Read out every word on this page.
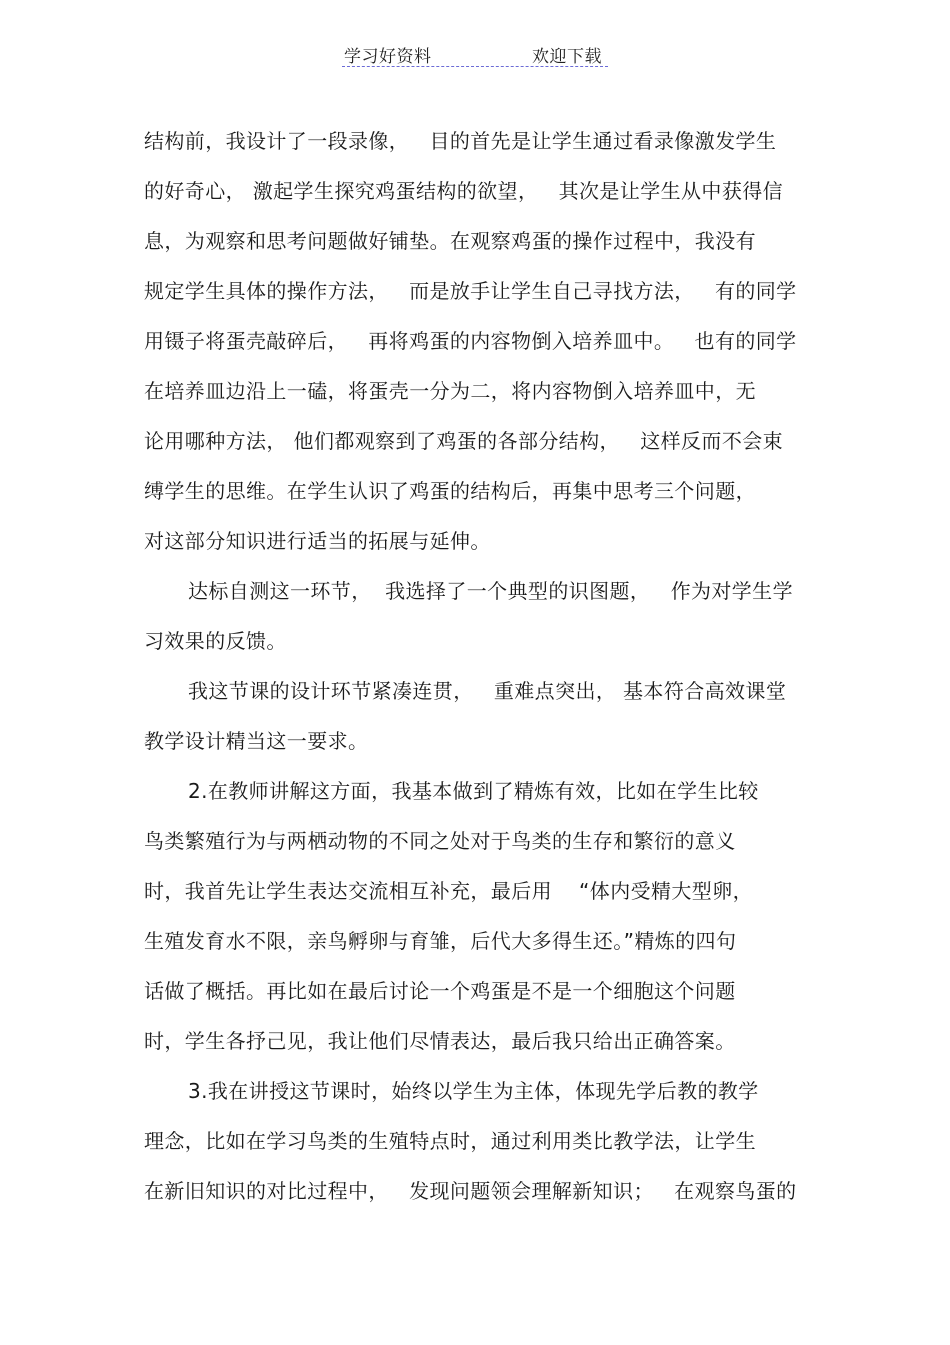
学习好资料	欢迎下载
结构前，我设计了一段录像，   目的首先是让学生通过看录像激发学生
的好奇心， 激起学生探究鸡蛋结构的欲望，   其次是让学生从中获得信
息，为观察和思考问题做好铺垫。在观察鸡蛋的操作过程中，我没有
规定学生具体的操作方法，   而是放手让学生自己寻找方法，   有的同学
用镊子将蛋壳敲碎后，   再将鸡蛋的内容物倒入培养皿中。   也有的同学
在培养皿边沿上一磕，将蛋壳一分为二，将内容物倒入培养皿中，无
论用哪种方法， 他们都观察到了鸡蛋的各部分结构，   这样反而不会束
缚学生的思维。在学生认识了鸡蛋的结构后，再集中思考三个问题，
对这部分知识进行适当的拓展与延伸。
达标自测这一环节，  我选择了一个典型的识图题，   作为对学生学
习效果的反馈。
我这节课的设计环节紧凑连贯，   重难点突出， 基本符合高效课堂
教学设计精当这一要求。
2.在教师讲解这方面，我基本做到了精炼有效，比如在学生比较
鸟类繁殖行为与两栖动物的不同之处对于鸟类的生存和繁衍的意义
时，我首先让学生表达交流相互补充，最后用    “体内受精大型卵，
生殖发育水不限，亲鸟孵卵与育雏，后代大多得生还。”精炼的四句
话做了概括。再比如在最后讨论一个鸡蛋是不是一个细胞这个问题
时，学生各抒己见，我让他们尽情表达，最后我只给出正确答案。
3.我在讲授这节课时，始终以学生为主体，体现先学后教的教学
理念，比如在学习鸟类的生殖特点时，通过利用类比教学法，让学生
在新旧知识的对比过程中，   发现问题领会理解新知识；   在观察鸟蛋的
